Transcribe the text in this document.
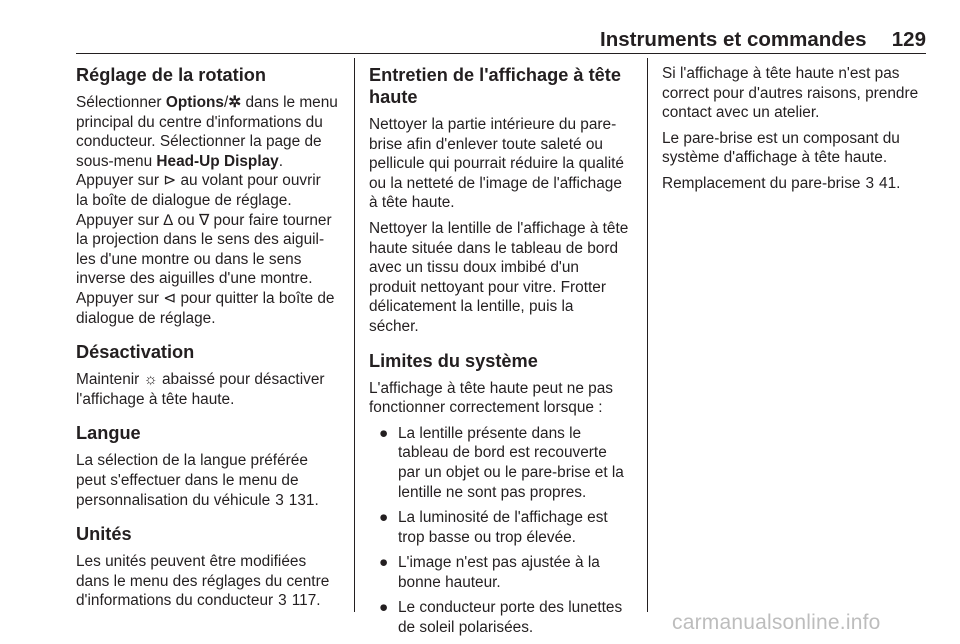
Instruments et commandes	129
Réglage de la rotation
Sélectionner Options/✲ dans le menu
principal du centre d'informations du
conducteur. Sélectionner la page de
sous-menu Head-Up Display.
Appuyer sur ⊳ au volant pour ouvrir
la boîte de dialogue de réglage.
Appuyer sur ∆ ou ∇ pour faire tourner
la projection dans le sens des aiguil-
les d'une montre ou dans le sens
inverse des aiguilles d'une montre.
Appuyer sur ⊲ pour quitter la boîte de
dialogue de réglage.
Désactivation
Maintenir ☼ abaissé pour désactiver
l'affichage à tête haute.
Langue
La sélection de la langue préférée
peut s'effectuer dans le menu de
personnalisation du véhicule 3 131.
Unités
Les unités peuvent être modifiées
dans le menu des réglages du centre
d'informations du conducteur 3 117.
Entretien de l'affichage à tête
haute
Nettoyer la partie intérieure du pare-
brise afin d'enlever toute saleté ou
pellicule qui pourrait réduire la qualité
ou la netteté de l'image de l'affichage
à tête haute.
Nettoyer la lentille de l'affichage à tête
haute située dans le tableau de bord
avec un tissu doux imbibé d'un
produit nettoyant pour vitre. Frotter
délicatement la lentille, puis la
sécher.
Limites du système
L'affichage à tête haute peut ne pas
fonctionner correctement lorsque :
● La lentille présente dans le
tableau de bord est recouverte
par un objet ou le pare-brise et la
lentille ne sont pas propres.
● La luminosité de l'affichage est
trop basse ou trop élevée.
● L'image n'est pas ajustée à la
bonne hauteur.
● Le conducteur porte des lunettes
de soleil polarisées.
Si l'affichage à tête haute n'est pas
correct pour d'autres raisons, prendre
contact avec un atelier.
Le pare-brise est un composant du
système d'affichage à tête haute.
Remplacement du pare-brise 3 41.
carmanualsonline.info
